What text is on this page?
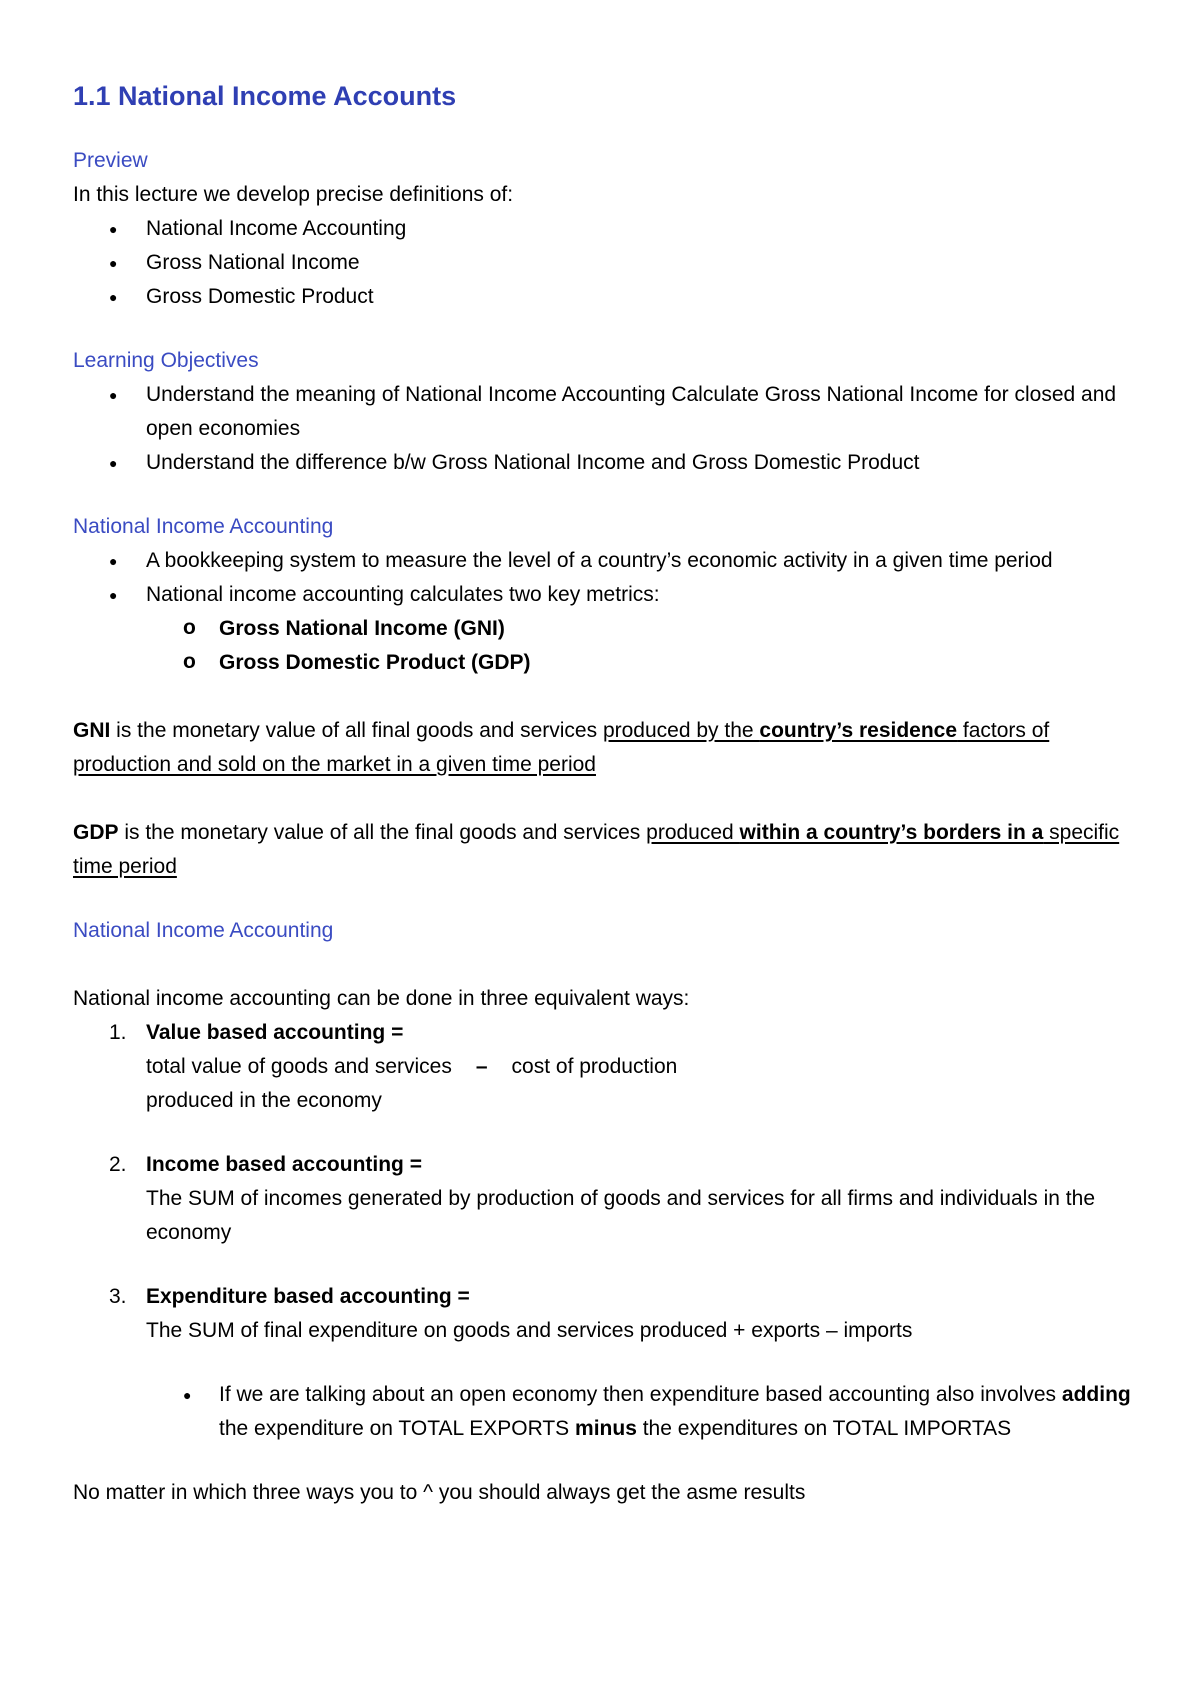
1.1 National Income Accounts
Preview

In this lecture we develop precise definitions of:

● National Income Accounting
● Gross National Income
● Gross Domestic Product
Learning Objectives
● Understand the meaning of National Income Accounting Calculate Gross National Income for closed and open economies
● Understand the difference b/w Gross National Income and Gross Domestic Product
National Income Accounting
● A bookkeeping system to measure the level of a country’s economic activity in a given time period
● National income accounting calculates two key metrics:
o Gross National Income (GNI)
o Gross Domestic Product (GDP)

GNI is the monetary value of all final goods and services produced by the country’s residence factors of production and sold on the market in a given time period

GDP is the monetary value of all the final goods and services produced within a country’s borders in a specific time period

National Income Accounting

National income accounting can be done in three equivalent ways:

1. Value based accounting =
total value of goods and services – cost of production
produced in the economy
2. Income based accounting =
The SUM of incomes generated by production of goods and services for all firms and individuals in the economy
3. Expenditure based accounting =
The SUM of final expenditure on goods and services produced + exports – imports
● If we are talking about an open economy then expenditure based accounting also involves adding the expenditure on TOTAL EXPORTS minus the expenditures on TOTAL IMPORTAS

No matter in which three ways you to ^ you should always get the asme results
